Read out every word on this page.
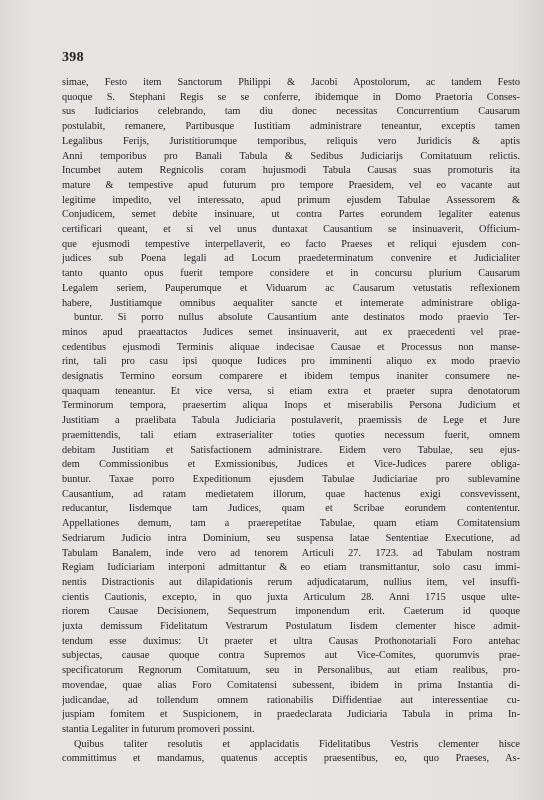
398
simae, Festo item Sanctorum Philippi & Jacobi Apostolorum, ac tandem Festo
quoque S. Stephani Regis se se conferre, ibidemque in Domo Praetoria Conses-
sus Iudiciarios celebrando, tam diu donec necessitas Concurrentium Causarum
postulabit, remanere, Partibusque Iustitiam administrare teneantur, exceptis tamen
Legalibus Ferijs, Juristitiorumque temporibus, reliquis vero Juridicis & aptis
Anni temporibus pro Banali Tabula & Sedibus Judiciarijs Comitatuum relictis.
Incumbet autem Regnicolis coram hujusmodi Tabula Causas suas promoturis ita
mature & tempestive apud futurum pro tempore Praesidem, vel eo vacante aut
legitime impedito, vel interessato, apud primum ejusdem Tabulae Assessorem &
Conjudicem, semet debite insinuare, ut contra Partes eorundem legaliter eatenus
certificari queant, et si vel unus duntaxat Causantium se insinuaverit, Officium-
que ejusmodi tempestive interpellaverit, eo facto Praeses et reliqui ejusdem con-
judices sub Poena legali ad Locum praedeterminatum convenire et Judicialiter
tanto quanto opus fuerit tempore considere et in concursu plurium Causarum
Legalem seriem, Pauperumque et Viduarum ac Causarum vetustatis reflexionem
habere, Justitiamque omnibus aequaliter sancte et intemerate administrare obliga-
buntur. Si porro nullus absolute Causantium ante destinatos modo praevio Ter-
minos apud praeattactos Judices semet insinuaverit, aut ex praecedenti vel prae-
cedentibus ejusmodi Terminis aliquae indecisae Causae et Processus non manse-
rint, tali pro casu ipsi quoque Iudices pro imminenti aliquo ex modo praevio
designatis Termino eorsum comparere et ibidem tempus inaniter consumere ne-
quaquam teneantur. Et vice versa, si etiam extra et praeter supra denotatorum
Terminorum tempora, praesertim aliqua Inops et miserabilis Persona Judicium et
Justitiam a praelibata Tabula Judiciaria postulaverit, praemissis de Lege et Jure
praemittendis, tali etiam extraserialiter toties quoties necessum fuerit, omnem
debitam Justitiam et Satisfactionem administrare. Eidem vero Tabulae, seu ejus-
dem Commissionibus et Exmissionibus, Judices et Vice-Judices parere obliga-
buntur. Taxae porro Expeditionum ejusdem Tabulae Judiciariae pro sublevamine
Causantium, ad ratam medietatem illorum, quae hactenus exigi consvevissent,
reducantur, Iisdemque tam Judices, quam et Scribae eorundem contententur.
Appellationes demum, tam a praerepetitae Tabulae, quam etiam Comitatensium
Sedriarum Judicio intra Dominium, seu suspensa latae Sententiae Executione, ad
Tabulam Banalem, inde vero ad tenorem Articuli 27. 1723. ad Tabulam nostram
Regiam Iudiciariam interponi admittantur & eo etiam transmittantur, solo casu immi-
nentis Distractionis aut dilapidationis rerum adjudicatarum, nullius item, vel insuffi-
cientis Cautionis, excepto, in quo juxta Articulum 28. Anni 1715 usque ulte-
riorem Causae Decisionem, Sequestrum imponendum erit. Caeterum id quoque
juxta demissum Fidelitatum Vestrarum Postulatum Iisdem clementer hisce admit-
tendum esse duximus: Ut praeter et ultra Causas Prothonotariali Foro antehac
subjectas, causae quoque contra Supremos aut Vice-Comites, quorumvis prae-
specificatorum Regnorum Comitatuum, seu in Personalibus, aut etiam realibus, pro-
movendae, quae alias Foro Comitatensi subessent, ibidem in prima Instantia di-
judicandae, ad tollendum omnem rationabilis Diffidentiae aut interessentiae cu-
juspiam fomitem et Suspicionem, in praedeclarata Judiciaria Tabula in prima In-
stantia Legaliter in futurum promoveri possint.
Quibus taliter resolutis et applacidatis Fidelitatibus Vestris clementer hisce
committimus et mandamus, quatenus acceptis praesentibus, eo, quo Praeses, As-
